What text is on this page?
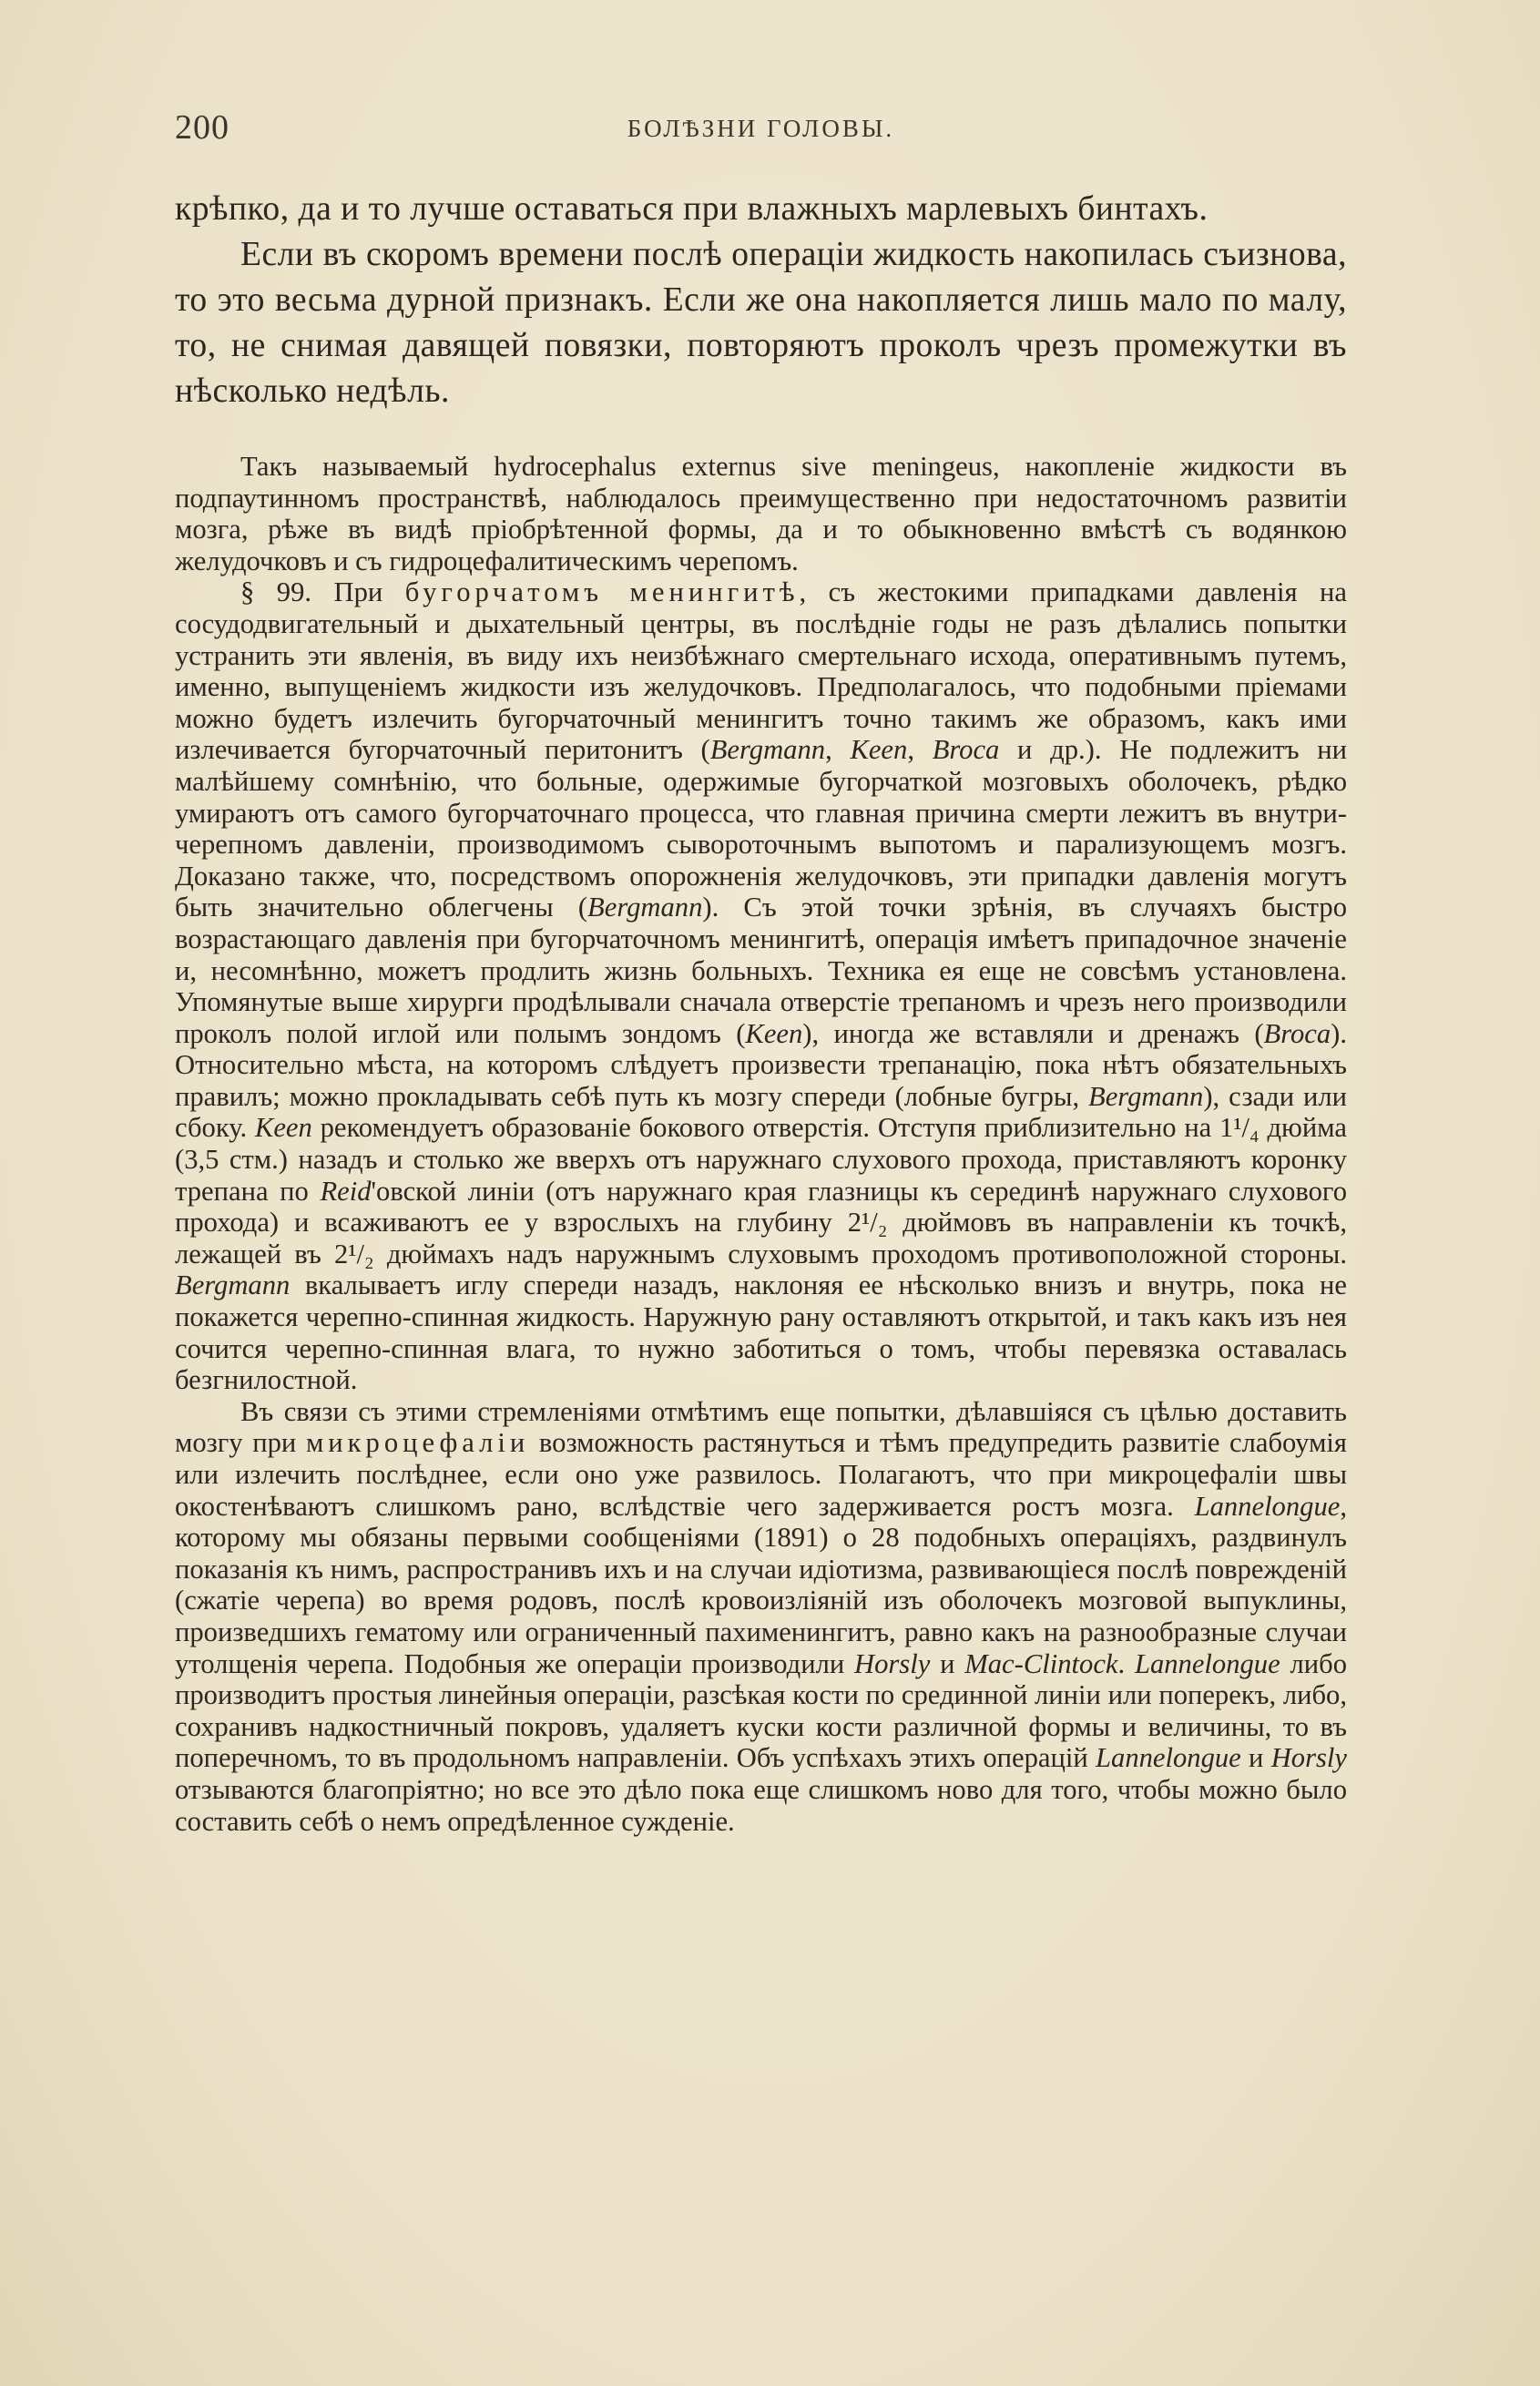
200	БОЛѢЗНИ ГОЛОВЫ.

крѣпко, да и то лучше оставаться при влажныхъ марлевыхъ бинтахъ.

Если въ скоромъ времени послѣ операціи жидкость накопилась съизнова, то это весьма дурной признакъ. Если же она накопляется лишь мало по малу, то, не снимая давящей повязки, повторяютъ проколъ чрезъ промежутки въ нѣсколько недѣль.

Такъ называемый hydrocephalus externus sive meningeus, накопленіе жидкости въ подпаутинномъ пространствѣ, наблюдалось преимущественно при недостаточномъ развитіи мозга, рѣже въ видѣ пріобрѣтенной формы, да и то обыкновенно вмѣстѣ съ водянкою желудочковъ и съ гидроцефалитическимъ черепомъ.

§ 99. При бугорчатомъ менингитѣ, съ жестокими припадками давленія на сосудодвигательный и дыхательный центры, въ послѣдніе годы не разъ дѣлались попытки устранить эти явленія, въ виду ихъ неизбѣжнаго смертельнаго исхода, оперативнымъ путемъ, именно, выпущеніемъ жидкости изъ желудочковъ. Предполагалось, что подобными пріемами можно будетъ излечить бугорчаточный менингитъ точно такимъ же образомъ, какъ ими излечивается бугорчаточный перитонитъ (Bergmann, Keen, Broca и др.). Не подлежитъ ни малѣйшему сомнѣнію, что больные, одержимые бугорчаткой мозговыхъ оболочекъ, рѣдко умираютъ отъ самого бугорчаточнаго процесса, что главная причина смерти лежитъ въ внутри-черепномъ давленіи, производимомъ сывороточнымъ выпотомъ и парализующемъ мозгъ. Доказано также, что, посредствомъ опорожненія желудочковъ, эти припадки давленія могутъ быть значительно облегчены (Bergmann). Съ этой точки зрѣнія, въ случаяхъ быстро возрастающаго давленія при бугорчаточномъ менингитѣ, операція имѣетъ припадочное значеніе и, несомнѣнно, можетъ продлить жизнь больныхъ. Техника ея еще не совсѣмъ установлена. Упомянутые выше хирурги продѣлывали сначала отверстіе трепаномъ и чрезъ него производили проколъ полой иглой или полымъ зондомъ (Keen), иногда же вставляли и дренажъ (Broca). Относительно мѣста, на которомъ слѣдуетъ произвести трепанацію, пока нѣтъ обязательныхъ правилъ; можно прокладывать себѣ путь къ мозгу спереди (лобные бугры, Bergmann), сзади или сбоку. Keen рекомендуетъ образованіе бокового отверстія. Отступя приблизительно на 1¹/₄ дюйма (3,5 стм.) назадъ и столько же вверхъ отъ наружнаго слухового прохода, приставляютъ коронку трепана по Reid'овской линіи (отъ наружнаго края глазницы къ серединѣ наружнаго слухового прохода) и всаживаютъ ее у взрослыхъ на глубину 2¹/₂ дюймовъ въ направленіи къ точкѣ, лежащей въ 2¹/₂ дюймахъ надъ наружнымъ слуховымъ проходомъ противоположной стороны. Bergmann вкалываетъ иглу спереди назадъ, наклоняя ее нѣсколько внизъ и внутрь, пока не покажется черепно-спинная жидкость. Наружную рану оставляютъ открытой, и такъ какъ изъ нея сочится черепно-спинная влага, то нужно заботиться о томъ, чтобы перевязка оставалась безгнилостной.

Въ связи съ этими стремленіями отмѣтимъ еще попытки, дѣлавшіяся съ цѣлью доставить мозгу при микроцефаліи возможность растянуться и тѣмъ предупредить развитіе слабоумія или излечить послѣднее, если оно уже развилось. Полагаютъ, что при микроцефаліи швы окостенѣваютъ слишкомъ рано, вслѣдствіе чего задерживается ростъ мозга. Lannelongue, которому мы обязаны первыми сообщеніями (1891) о 28 подобныхъ операціяхъ, раздвинулъ показанія къ нимъ, распространивъ ихъ и на случаи идіотизма, развивающіеся послѣ поврежденій (сжатіе черепа) во время родовъ, послѣ кровоизліяній изъ оболочекъ мозговой выпуклины, произведшихъ гематому или ограниченный пахименингитъ, равно какъ на разнообразные случаи утолщенія черепа. Подобныя же операціи производили Horsly и Mac-Clintock. Lannelongue либо производитъ простыя линейныя операціи, разсѣкая кости по срединной линіи или поперекъ, либо, сохранивъ надкостничный покровъ, удаляетъ куски кости различной формы и величины, то въ поперечномъ, то въ продольномъ направленіи. Объ успѣхахъ этихъ операцій Lannelongue и Horsly отзываются благопріятно; но все это дѣло пока еще слишкомъ ново для того, чтобы можно было составить себѣ о немъ опредѣленное сужденіе.
